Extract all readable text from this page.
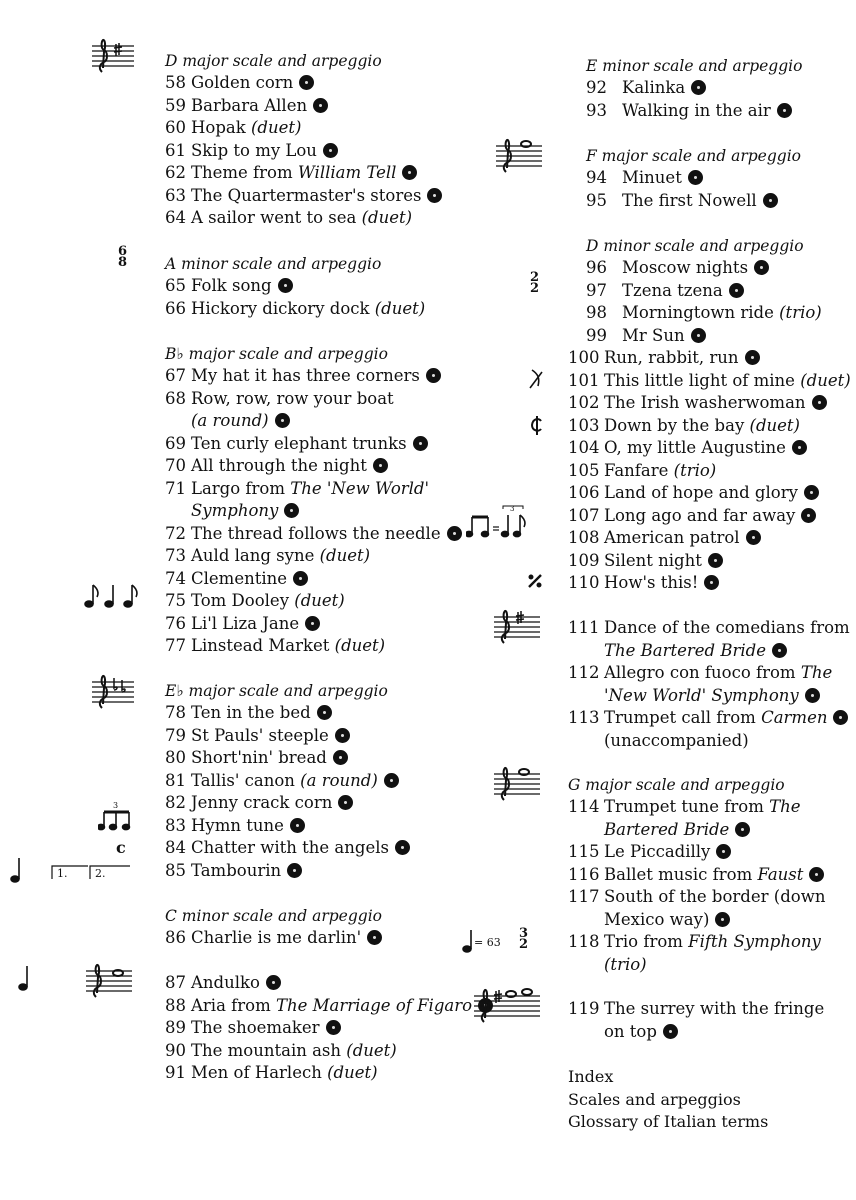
D major scale and arpeggio
58 Golden corn
59 Barbara Allen
60 Hopak (duet)
61 Skip to my Lou
62 Theme from William Tell
63 The Quartermaster's stores
64 A sailor went to sea (duet)
A minor scale and arpeggio
65 Folk song
66 Hickory dickory dock (duet)
B♭ major scale and arpeggio
67 My hat it has three corners
68 Row, row, row your boat
(a round)
69 Ten curly elephant trunks
70 All through the night
71 Largo from The 'New World'
Symphony
72 The thread follows the needle
73 Auld lang syne (duet)
74 Clementine
75 Tom Dooley (duet)
76 Li'l Liza Jane
77 Linstead Market (duet)
E♭ major scale and arpeggio
78 Ten in the bed
79 St Pauls' steeple
80 Short'nin' bread
81 Tallis' canon (a round)
82 Jenny crack corn
83 Hymn tune
84 Chatter with the angels
85 Tambourin
C minor scale and arpeggio
86 Charlie is me darlin'
87 Andulko
88 Aria from The Marriage of Figaro
89 The shoemaker
90 The mountain ash (duet)
91 Men of Harlech (duet)
E minor scale and arpeggio
92 Kalinka
93 Walking in the air
F major scale and arpeggio
94 Minuet
95 The first Nowell
D minor scale and arpeggio
96 Moscow nights
97 Tzena tzena
98 Morningtown ride (trio)
99 Mr Sun
100 Run, rabbit, run
101 This little light of mine (duet)
102 The Irish washerwoman
103 Down by the bay (duet)
104 O, my little Augustine
105 Fanfare (trio)
106 Land of hope and glory
107 Long ago and far away
108 American patrol
109 Silent night
110 How's this!
111 Dance of the comedians from
The Bartered Bride
112 Allegro con fuoco from The
'New World' Symphony
113 Trumpet call from Carmen
(unaccompanied)
G major scale and arpeggio
114 Trumpet tune from The
Bartered Bride
115 Le Piccadilly
116 Ballet music from Faust
117 South of the border (down
Mexico way)
118 Trio from Fifth Symphony
(trio)
119 The surrey with the fringe
on top
Index
Scales and arpeggios
Glossary of Italian terms
6
8
3
c
1.	2.
2
2
3
= 63
3
2
